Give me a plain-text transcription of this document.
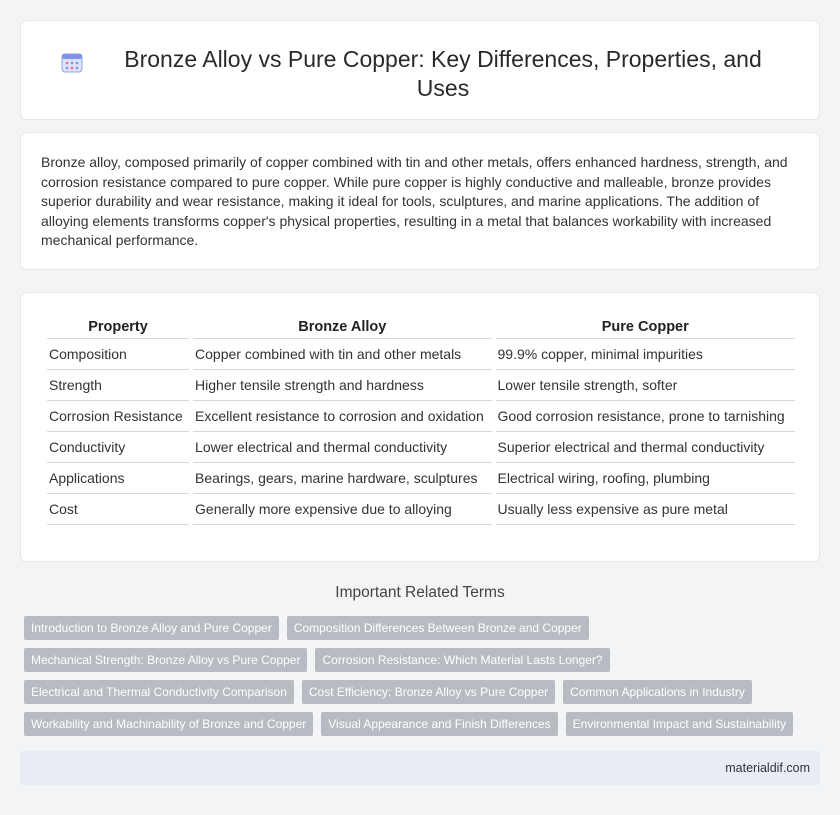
Bronze Alloy vs Pure Copper: Key Differences, Properties, and Uses

Bronze alloy, composed primarily of copper combined with tin and other metals, offers enhanced hardness, strength, and corrosion resistance compared to pure copper. While pure copper is highly conductive and malleable, bronze provides superior durability and wear resistance, making it ideal for tools, sculptures, and marine applications. The addition of alloying elements transforms copper's physical properties, resulting in a metal that balances workability with increased mechanical performance.

Property	Bronze Alloy	Pure Copper
Composition	Copper combined with tin and other metals	99.9% copper, minimal impurities
Strength	Higher tensile strength and hardness	Lower tensile strength, softer
Corrosion Resistance	Excellent resistance to corrosion and oxidation	Good corrosion resistance, prone to tarnishing
Conductivity	Lower electrical and thermal conductivity	Superior electrical and thermal conductivity
Applications	Bearings, gears, marine hardware, sculptures	Electrical wiring, roofing, plumbing
Cost	Generally more expensive due to alloying	Usually less expensive as pure metal
Important Related Terms
Introduction to Bronze Alloy and Pure Copper	Composition Differences Between Bronze and Copper
Mechanical Strength: Bronze Alloy vs Pure Copper	Corrosion Resistance: Which Material Lasts Longer?
Electrical and Thermal Conductivity Comparison	Cost Efficiency: Bronze Alloy vs Pure Copper	Common Applications in Industry
Workability and Machinability of Bronze and Copper	Visual Appearance and Finish Differences	Environmental Impact and Sustainability
materialdif.com
